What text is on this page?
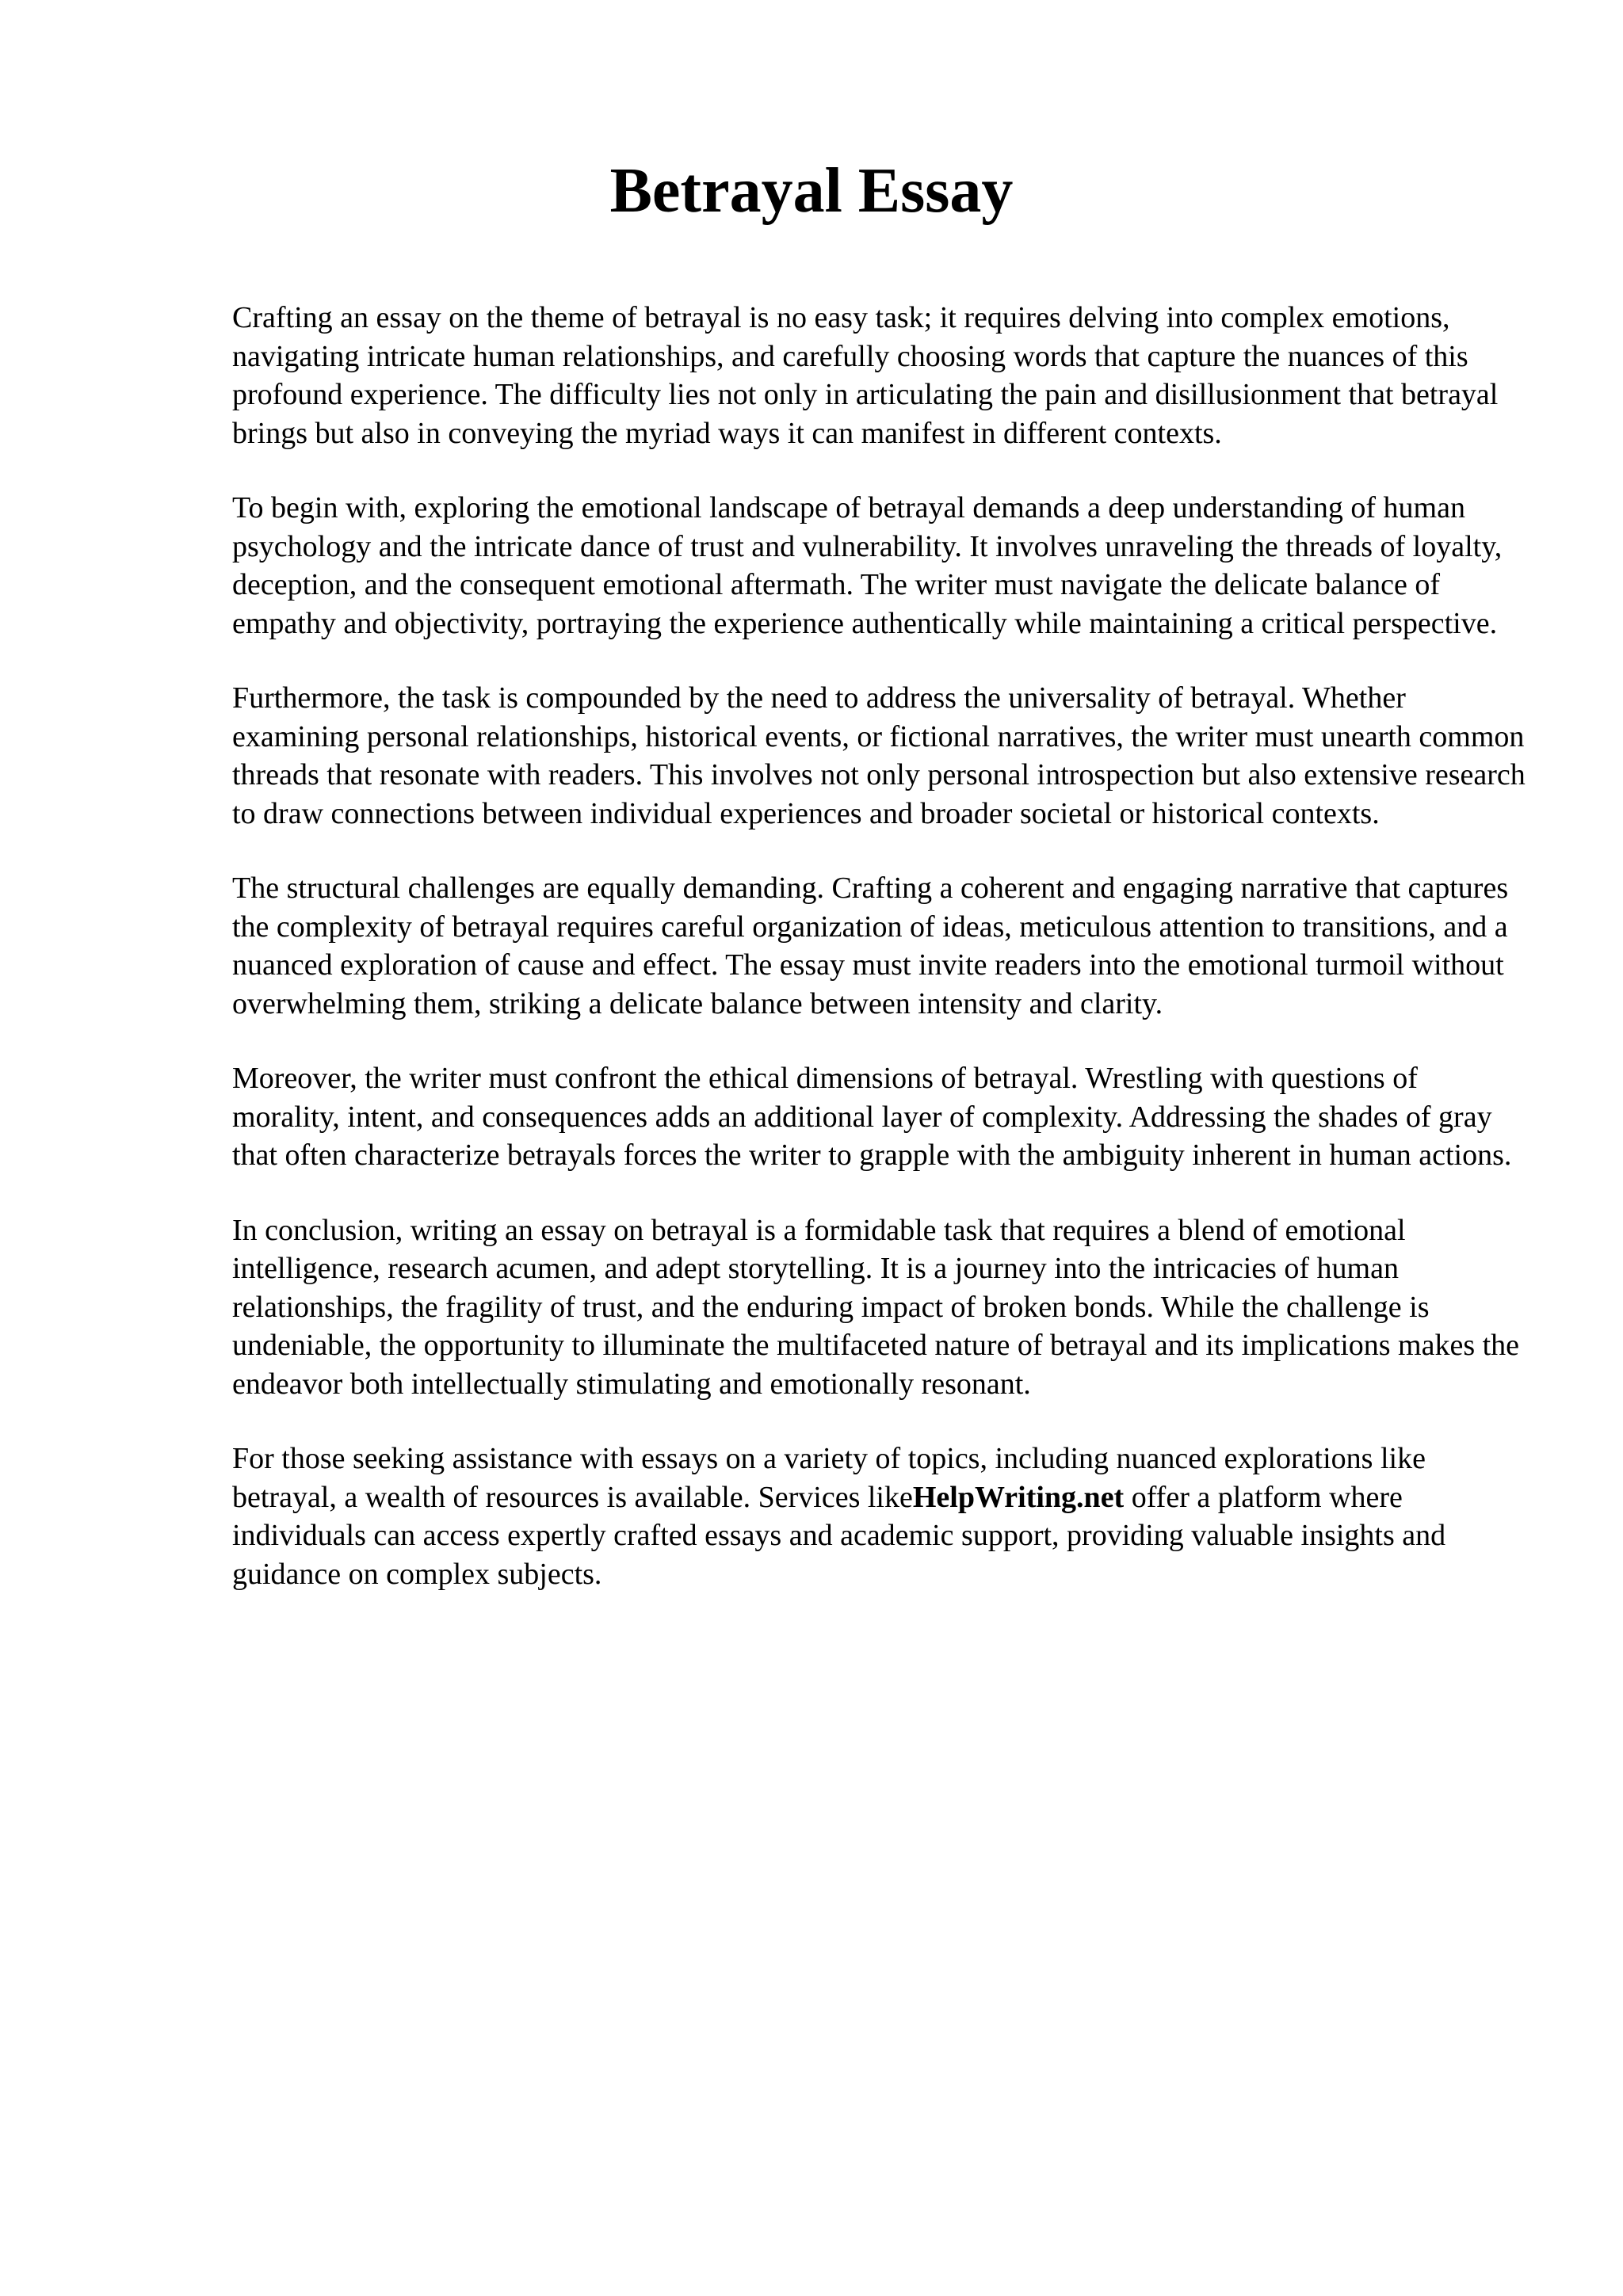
Betrayal Essay

Crafting an essay on the theme of betrayal is no easy task; it requires delving into complex emotions, navigating intricate human relationships, and carefully choosing words that capture the nuances of this profound experience. The difficulty lies not only in articulating the pain and disillusionment that betrayal brings but also in conveying the myriad ways it can manifest in different contexts.

To begin with, exploring the emotional landscape of betrayal demands a deep understanding of human psychology and the intricate dance of trust and vulnerability. It involves unraveling the threads of loyalty, deception, and the consequent emotional aftermath. The writer must navigate the delicate balance of empathy and objectivity, portraying the experience authentically while maintaining a critical perspective.

Furthermore, the task is compounded by the need to address the universality of betrayal. Whether examining personal relationships, historical events, or fictional narratives, the writer must unearth common threads that resonate with readers. This involves not only personal introspection but also extensive research to draw connections between individual experiences and broader societal or historical contexts.

The structural challenges are equally demanding. Crafting a coherent and engaging narrative that captures the complexity of betrayal requires careful organization of ideas, meticulous attention to transitions, and a nuanced exploration of cause and effect. The essay must invite readers into the emotional turmoil without overwhelming them, striking a delicate balance between intensity and clarity.

Moreover, the writer must confront the ethical dimensions of betrayal. Wrestling with questions of morality, intent, and consequences adds an additional layer of complexity. Addressing the shades of gray that often characterize betrayals forces the writer to grapple with the ambiguity inherent in human actions.

In conclusion, writing an essay on betrayal is a formidable task that requires a blend of emotional intelligence, research acumen, and adept storytelling. It is a journey into the intricacies of human relationships, the fragility of trust, and the enduring impact of broken bonds. While the challenge is undeniable, the opportunity to illuminate the multifaceted nature of betrayal and its implications makes the endeavor both intellectually stimulating and emotionally resonant.

For those seeking assistance with essays on a variety of topics, including nuanced explorations like betrayal, a wealth of resources is available. Services likeHelpWriting.net offer a platform where individuals can access expertly crafted essays and academic support, providing valuable insights and guidance on complex subjects.
